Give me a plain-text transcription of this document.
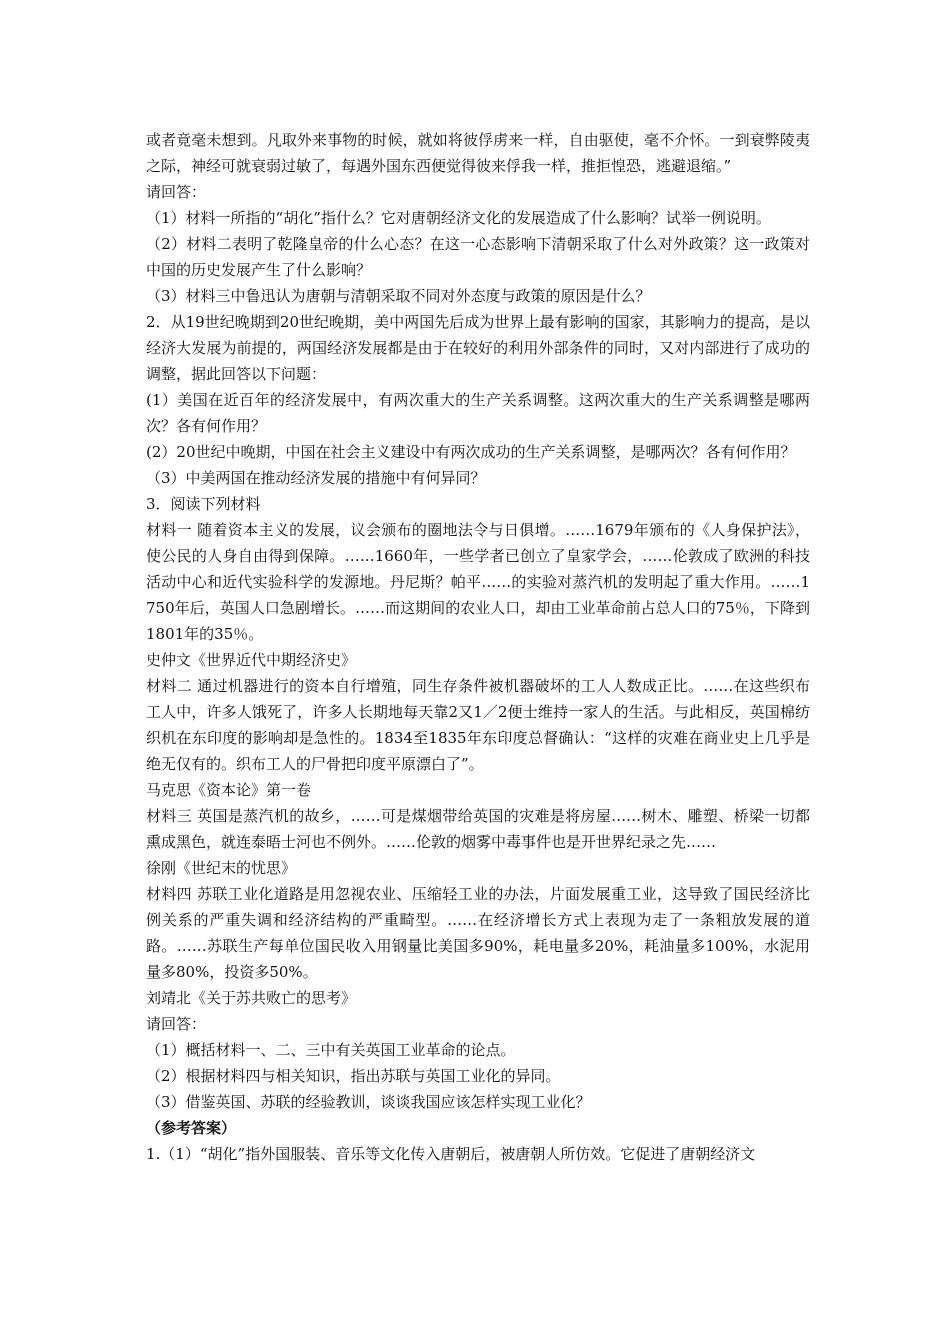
或者竟毫未想到。凡取外来事物的时候，就如将彼俘虏来一样，自由驱使，毫不介怀。一到衰弊陵夷之际，神经可就衰弱过敏了，每遇外国东西便觉得彼来俘我一样，推拒惶恐，逃避退缩。”

请回答：

（1）材料一所指的“胡化”指什么？它对唐朝经济文化的发展造成了什么影响？试举一例说明。

（2）材料二表明了乾隆皇帝的什么心态？在这一心态影响下清朝采取了什么对外政策？这一政策对中国的历史发展产生了什么影响？

（3）材料三中鲁迅认为唐朝与清朝采取不同对外态度与政策的原因是什么？

2．从19世纪晚期到20世纪晚期，美中两国先后成为世界上最有影响的国家，其影响力的提高，是以经济大发展为前提的，两国经济发展都是由于在较好的利用外部条件的同时，又对内部进行了成功的调整，据此回答以下问题：

(1）美国在近百年的经济发展中，有两次重大的生产关系调整。这两次重大的生产关系调整是哪两次？各有何作用？

(2）20世纪中晚期，中国在社会主义建设中有两次成功的生产关系调整，是哪两次？各有何作用？

（3）中美两国在推动经济发展的措施中有何异同？

3．阅读下列材料

材料一 随着资本主义的发展，议会颁布的圈地法令与日俱增。……1679年颁布的《人身保护法》，使公民的人身自由得到保障。……1660年，一些学者已创立了皇家学会，……伦敦成了欧洲的科技活动中心和近代实验科学的发源地。丹尼斯？帕平……的实验对蒸汽机的发明起了重大作用。……1750年后，英国人口急剧增长。……而这期间的农业人口，却由工业革命前占总人口的75％，下降到1801年的35％。

史仲文《世界近代中期经济史》

材料二 通过机器进行的资本自行增殖，同生存条件被机器破坏的工人人数成正比。……在这些织布工人中，许多人饿死了，许多人长期地每天靠2又1／2便士维持一家人的生活。与此相反，英国棉纺织机在东印度的影响却是急性的。1834至1835年东印度总督确认：“这样的灾难在商业史上几乎是绝无仅有的。织布工人的尸骨把印度平原漂白了”。

马克思《资本论》第一卷

材料三 英国是蒸汽机的故乡，……可是煤烟带给英国的灾难是将房屋……树木、雕塑、桥梁一切都熏成黑色，就连泰晤士河也不例外。……伦敦的烟雾中毒事件也是开世界纪录之先……

徐刚《世纪末的忧思》

材料四 苏联工业化道路是用忽视农业、压缩轻工业的办法，片面发展重工业，这导致了国民经济比例关系的严重失调和经济结构的严重畸型。……在经济增长方式上表现为走了一条粗放发展的道路。……苏联生产每单位国民收入用钢量比美国多90%，耗电量多20%，耗油量多100%，水泥用量多80%，投资多50%。

刘靖北《关于苏共败亡的思考》

请回答：

（1）概括材料一、二、三中有关英国工业革命的论点。

（2）根据材料四与相关知识，指出苏联与英国工业化的异同。

（3）借鉴英国、苏联的经验教训，谈谈我国应该怎样实现工业化？

（参考答案）

1.（1）“胡化”指外国服装、音乐等文化传入唐朝后，被唐朝人所仿效。它促进了唐朝经济文
